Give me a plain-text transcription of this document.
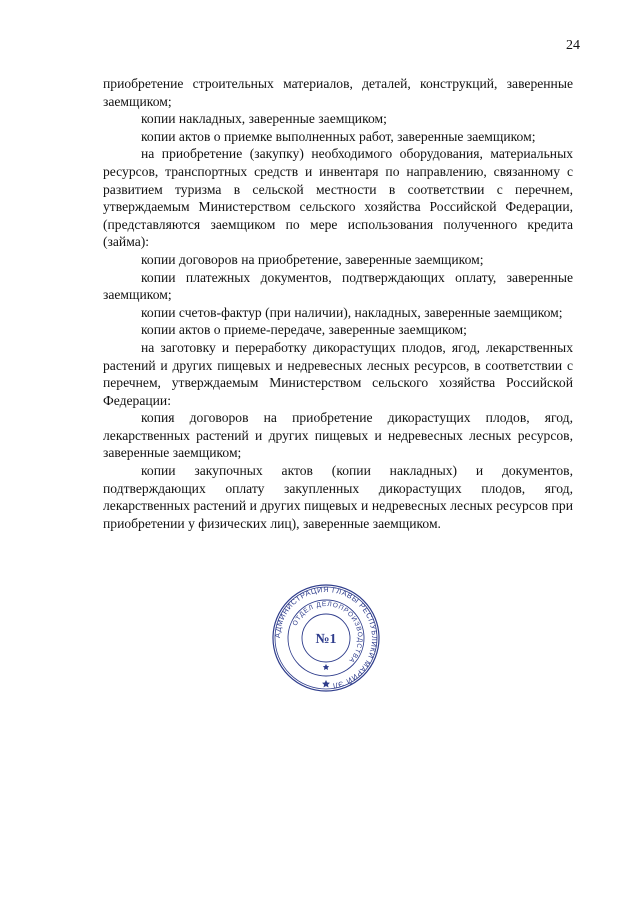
24

приобретение строительных материалов, деталей, конструкций, заверенные заемщиком;

копии накладных, заверенные заемщиком;

копии актов о приемке выполненных работ, заверенные заемщиком;

на приобретение (закупку) необходимого оборудования, материальных ресурсов, транспортных средств и инвентаря по направлению, связанному с развитием туризма в сельской местности в соответствии с перечнем, утверждаемым Министерством сельского хозяйства Российской Федерации, (представляются заемщиком по мере использования полученного кредита (займа):

копии договоров на приобретение, заверенные заемщиком;

копии платежных документов, подтверждающих оплату, заверенные заемщиком;

копии счетов-фактур (при наличии), накладных, заверенные заемщиком;

копии актов о приеме-передаче, заверенные заемщиком;

на заготовку и переработку дикорастущих плодов, ягод, лекарственных растений и других пищевых и недревесных лесных ресурсов, в соответствии с перечнем, утверждаемым Министерством сельского хозяйства Российской Федерации:

копия договоров на приобретение дикорастущих плодов, ягод, лекарственных растений и других пищевых и недревесных лесных ресурсов, заверенные заемщиком;

копии закупочных актов (копии накладных) и документов, подтверждающих оплату закупленных дикорастущих плодов, ягод, лекарственных растений и других пищевых и недревесных лесных ресурсов при приобретении у физических лиц), заверенные заемщиком.

АДМИНИСТРАЦИЯ ГЛАВЫ РЕСПУБЛИКИ МАРИЙ ЭЛ
ОТДЕЛ ДЕЛОПРОИЗВОДСТВА
№1
